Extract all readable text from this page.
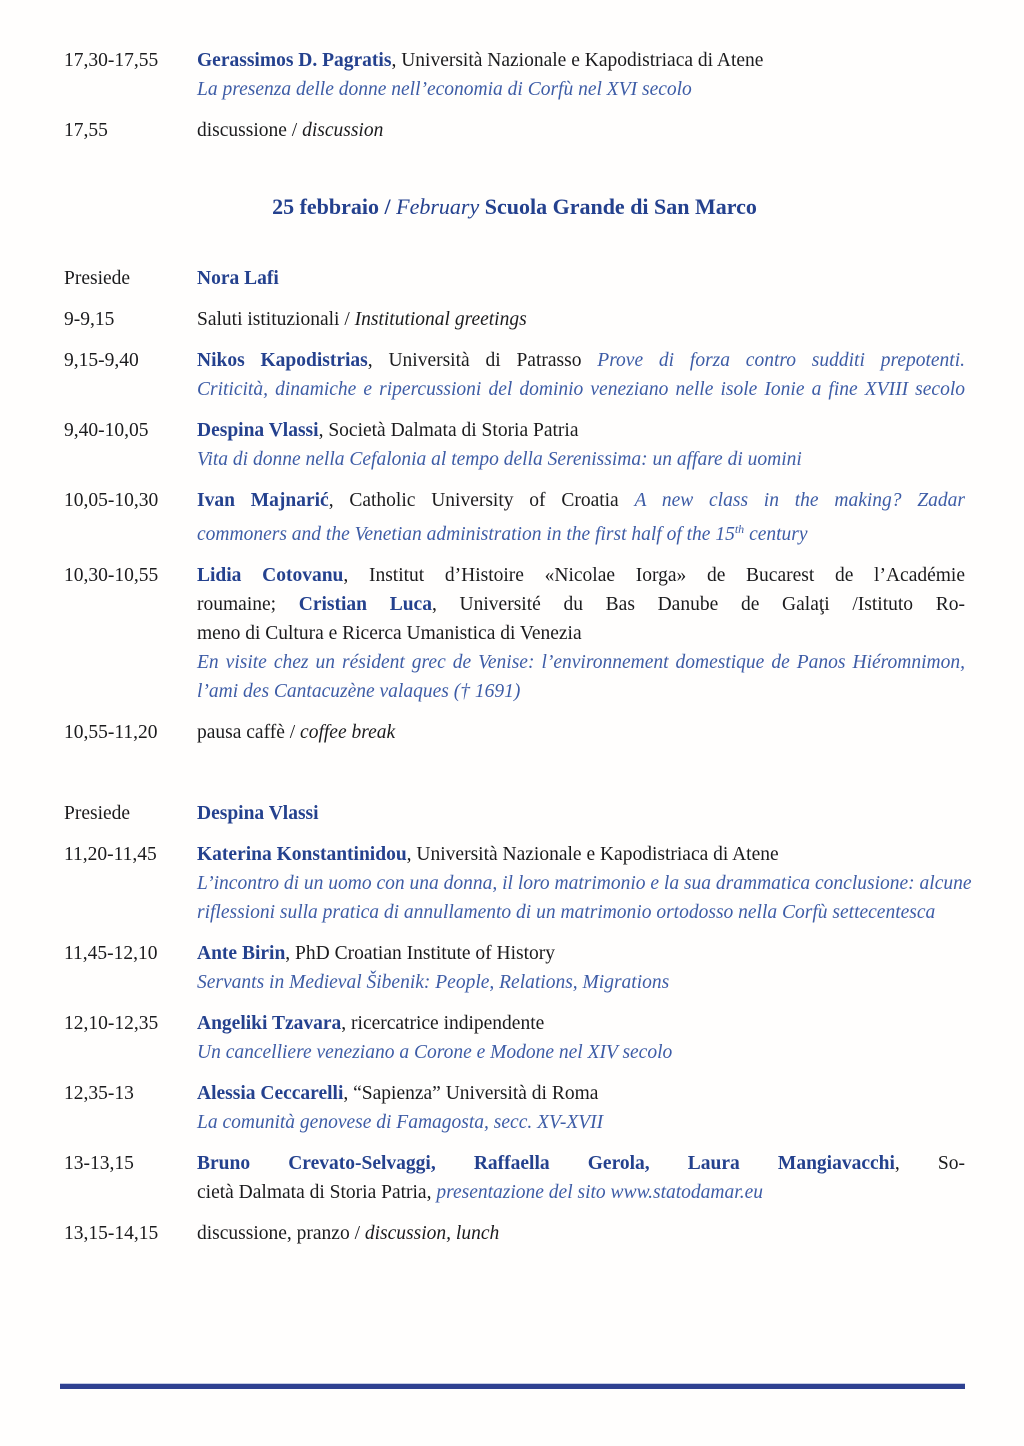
17,30-17,55	Gerassimos D. Pagratis, Università Nazionale e Kapodistriaca di Atene
La presenza delle donne nell’economia di Corfù nel XVI secolo
17,55	discussione / discussion
25 febbraio / February Scuola Grande di San Marco
Presiede	Nora Lafi
9-9,15	Saluti istituzionali / Institutional greetings
9,15-9,40	Nikos Kapodistrias, Università di Patrasso Prove di forza contro sudditi prepotenti.
Criticità, dinamiche e ripercussioni del dominio veneziano nelle isole Ionie a fine XVIII secolo
9,40-10,05	Despina Vlassi, Società Dalmata di Storia Patria
Vita di donne nella Cefalonia al tempo della Serenissima: un affare di uomini
10,05-10,30	Ivan Majnarić, Catholic University of Croatia A new class in the making? Zadar
commoners and the Venetian administration in the first half of the 15th century
10,30-10,55	Lidia Cotovanu, Institut d’Histoire «Nicolae Iorga» de Bucarest de l’Académie
roumaine; Cristian Luca, Université du Bas Danube de Galaţi /Istituto Ro-
meno di Cultura e Ricerca Umanistica di Venezia
En visite chez un résident grec de Venise: l’environnement domestique de Panos Hiéromnimon,
l’ami des Cantacuzène valaques († 1691)
10,55-11,20	pausa caffè / coffee break
Presiede	Despina Vlassi
11,20-11,45	Katerina Konstantinidou, Università Nazionale e Kapodistriaca di Atene
L’incontro di un uomo con una donna, il loro matrimonio e la sua drammatica conclusione: alcune
riflessioni sulla pratica di annullamento di un matrimonio ortodosso nella Corfù settecentesca
11,45-12,10	Ante Birin, PhD Croatian Institute of History
Servants in Medieval Šibenik: People, Relations, Migrations
12,10-12,35	Angeliki Tzavara, ricercatrice indipendente
Un cancelliere veneziano a Corone e Modone nel XIV secolo
12,35-13	Alessia Ceccarelli, “Sapienza” Università di Roma
La comunità genovese di Famagosta, secc. XV-XVII
13-13,15	Bruno Crevato-Selvaggi, Raffaella Gerola, Laura Mangiavacchi, So-
cietà Dalmata di Storia Patria, presentazione del sito www.statodamar.eu
13,15-14,15	discussione, pranzo / discussion, lunch
